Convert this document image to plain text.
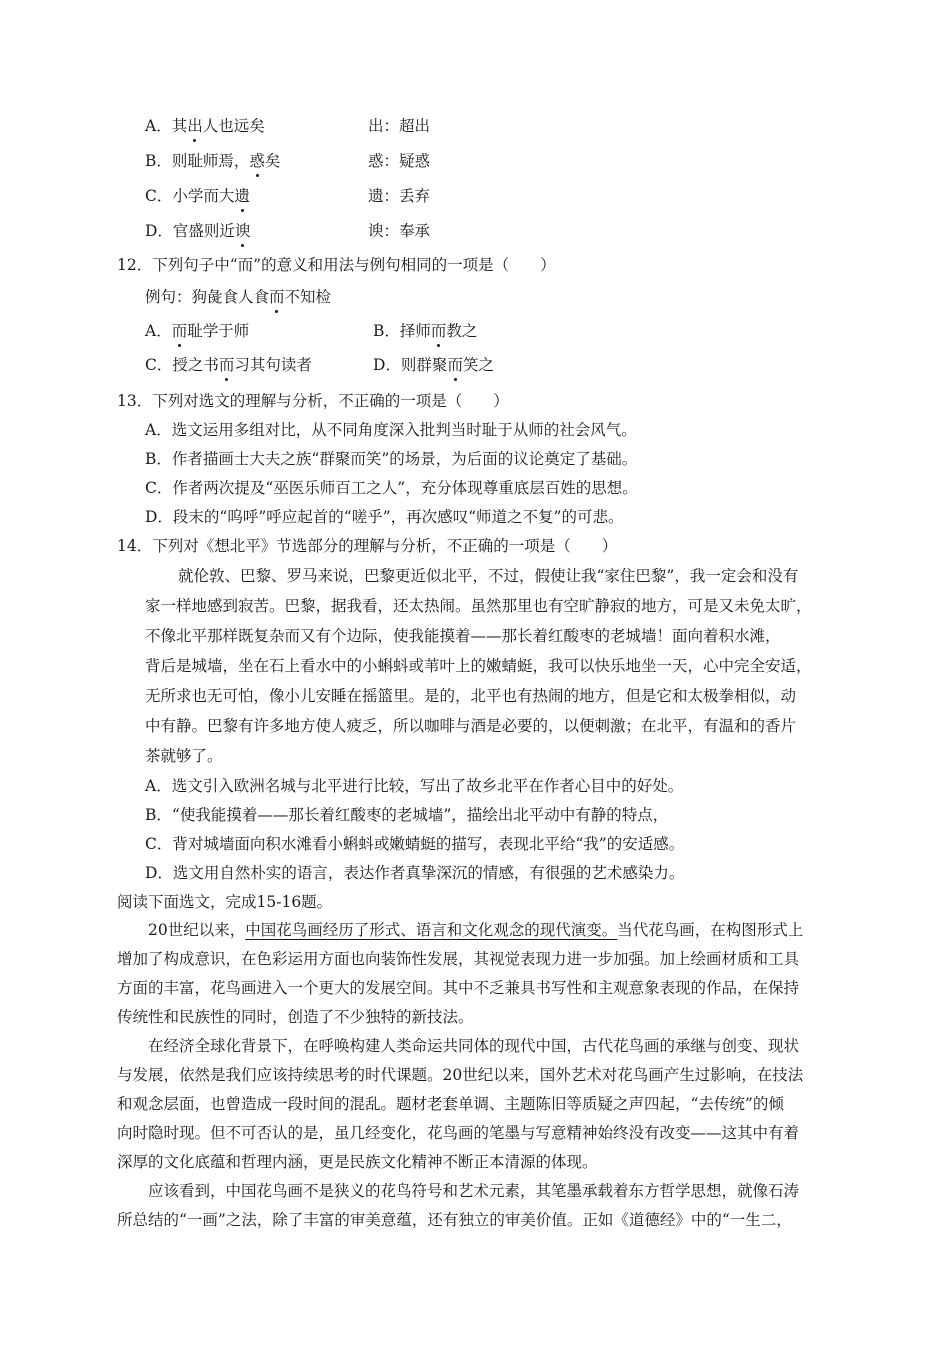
A．其出人也远矣	出：超出
B．则耻师焉，惑矣	惑：疑惑
C．小学而大遗	遗：丢弃
D．官盛则近谀	谀：奉承
12．下列句子中“而”的意义和用法与例句相同的一项是（　　）
例句：狗彘食人食而不知检
A．而耻学于师	B．择师而教之
C．授之书而习其句读者	D．则群聚而笑之
13．下列对选文的理解与分析，不正确的一项是（　　）
A．选文运用多组对比，从不同角度深入批判当时耻于从师的社会风气。
B．作者描画士大夫之族“群聚而笑”的场景，为后面的议论奠定了基础。
C．作者两次提及“巫医乐师百工之人”，充分体现尊重底层百姓的思想。
D．段末的“呜呼”呼应起首的“嗟乎”，再次感叹“师道之不复”的可悲。
14．下列对《想北平》节选部分的理解与分析，不正确的一项是（　　）
就伦敦、巴黎、罗马来说，巴黎更近似北平，不过，假使让我“家住巴黎”，我一定会和没有
家一样地感到寂苦。巴黎，据我看，还太热闹。虽然那里也有空旷静寂的地方，可是又未免太旷，
不像北平那样既复杂而又有个边际，使我能摸着——那长着红酸枣的老城墙！面向着积水滩，
背后是城墙，坐在石上看水中的小蝌蚪或苇叶上的嫩蜻蜓，我可以快乐地坐一天，心中完全安适，
无所求也无可怕，像小儿安睡在摇篮里。是的，北平也有热闹的地方，但是它和太极拳相似，动
中有静。巴黎有许多地方使人疲乏，所以咖啡与酒是必要的，以便刺激；在北平，有温和的香片
茶就够了。
A．选文引入欧洲名城与北平进行比较，写出了故乡北平在作者心目中的好处。
B．“使我能摸着——那长着红酸枣的老城墙”，描绘出北平动中有静的特点，
C．背对城墙面向积水滩看小蝌蚪或嫩蜻蜓的描写，表现北平给“我”的安适感。
D．选文用自然朴实的语言，表达作者真挚深沉的情感，有很强的艺术感染力。
阅读下面选文，完成15-16题。
20世纪以来，中国花鸟画经历了形式、语言和文化观念的现代演变。当代花鸟画，在构图形式上
增加了构成意识，在色彩运用方面也向装饰性发展，其视觉表现力进一步加强。加上绘画材质和工具
方面的丰富，花鸟画进入一个更大的发展空间。其中不乏兼具书写性和主观意象表现的作品，在保持
传统性和民族性的同时，创造了不少独特的新技法。
在经济全球化背景下，在呼唤构建人类命运共同体的现代中国，古代花鸟画的承继与创变、现状
与发展，依然是我们应该持续思考的时代课题。20世纪以来，国外艺术对花鸟画产生过影响，在技法
和观念层面，也曾造成一段时间的混乱。题材老套单调、主题陈旧等质疑之声四起，“去传统”的倾
向时隐时现。但不可否认的是，虽几经变化，花鸟画的笔墨与写意精神始终没有改变——这其中有着
深厚的文化底蕴和哲理内涵，更是民族文化精神不断正本清源的体现。
应该看到，中国花鸟画不是狭义的花鸟符号和艺术元素，其笔墨承载着东方哲学思想，就像石涛
所总结的“一画”之法，除了丰富的审美意蕴，还有独立的审美价值。正如《道德经》中的“一生二，
